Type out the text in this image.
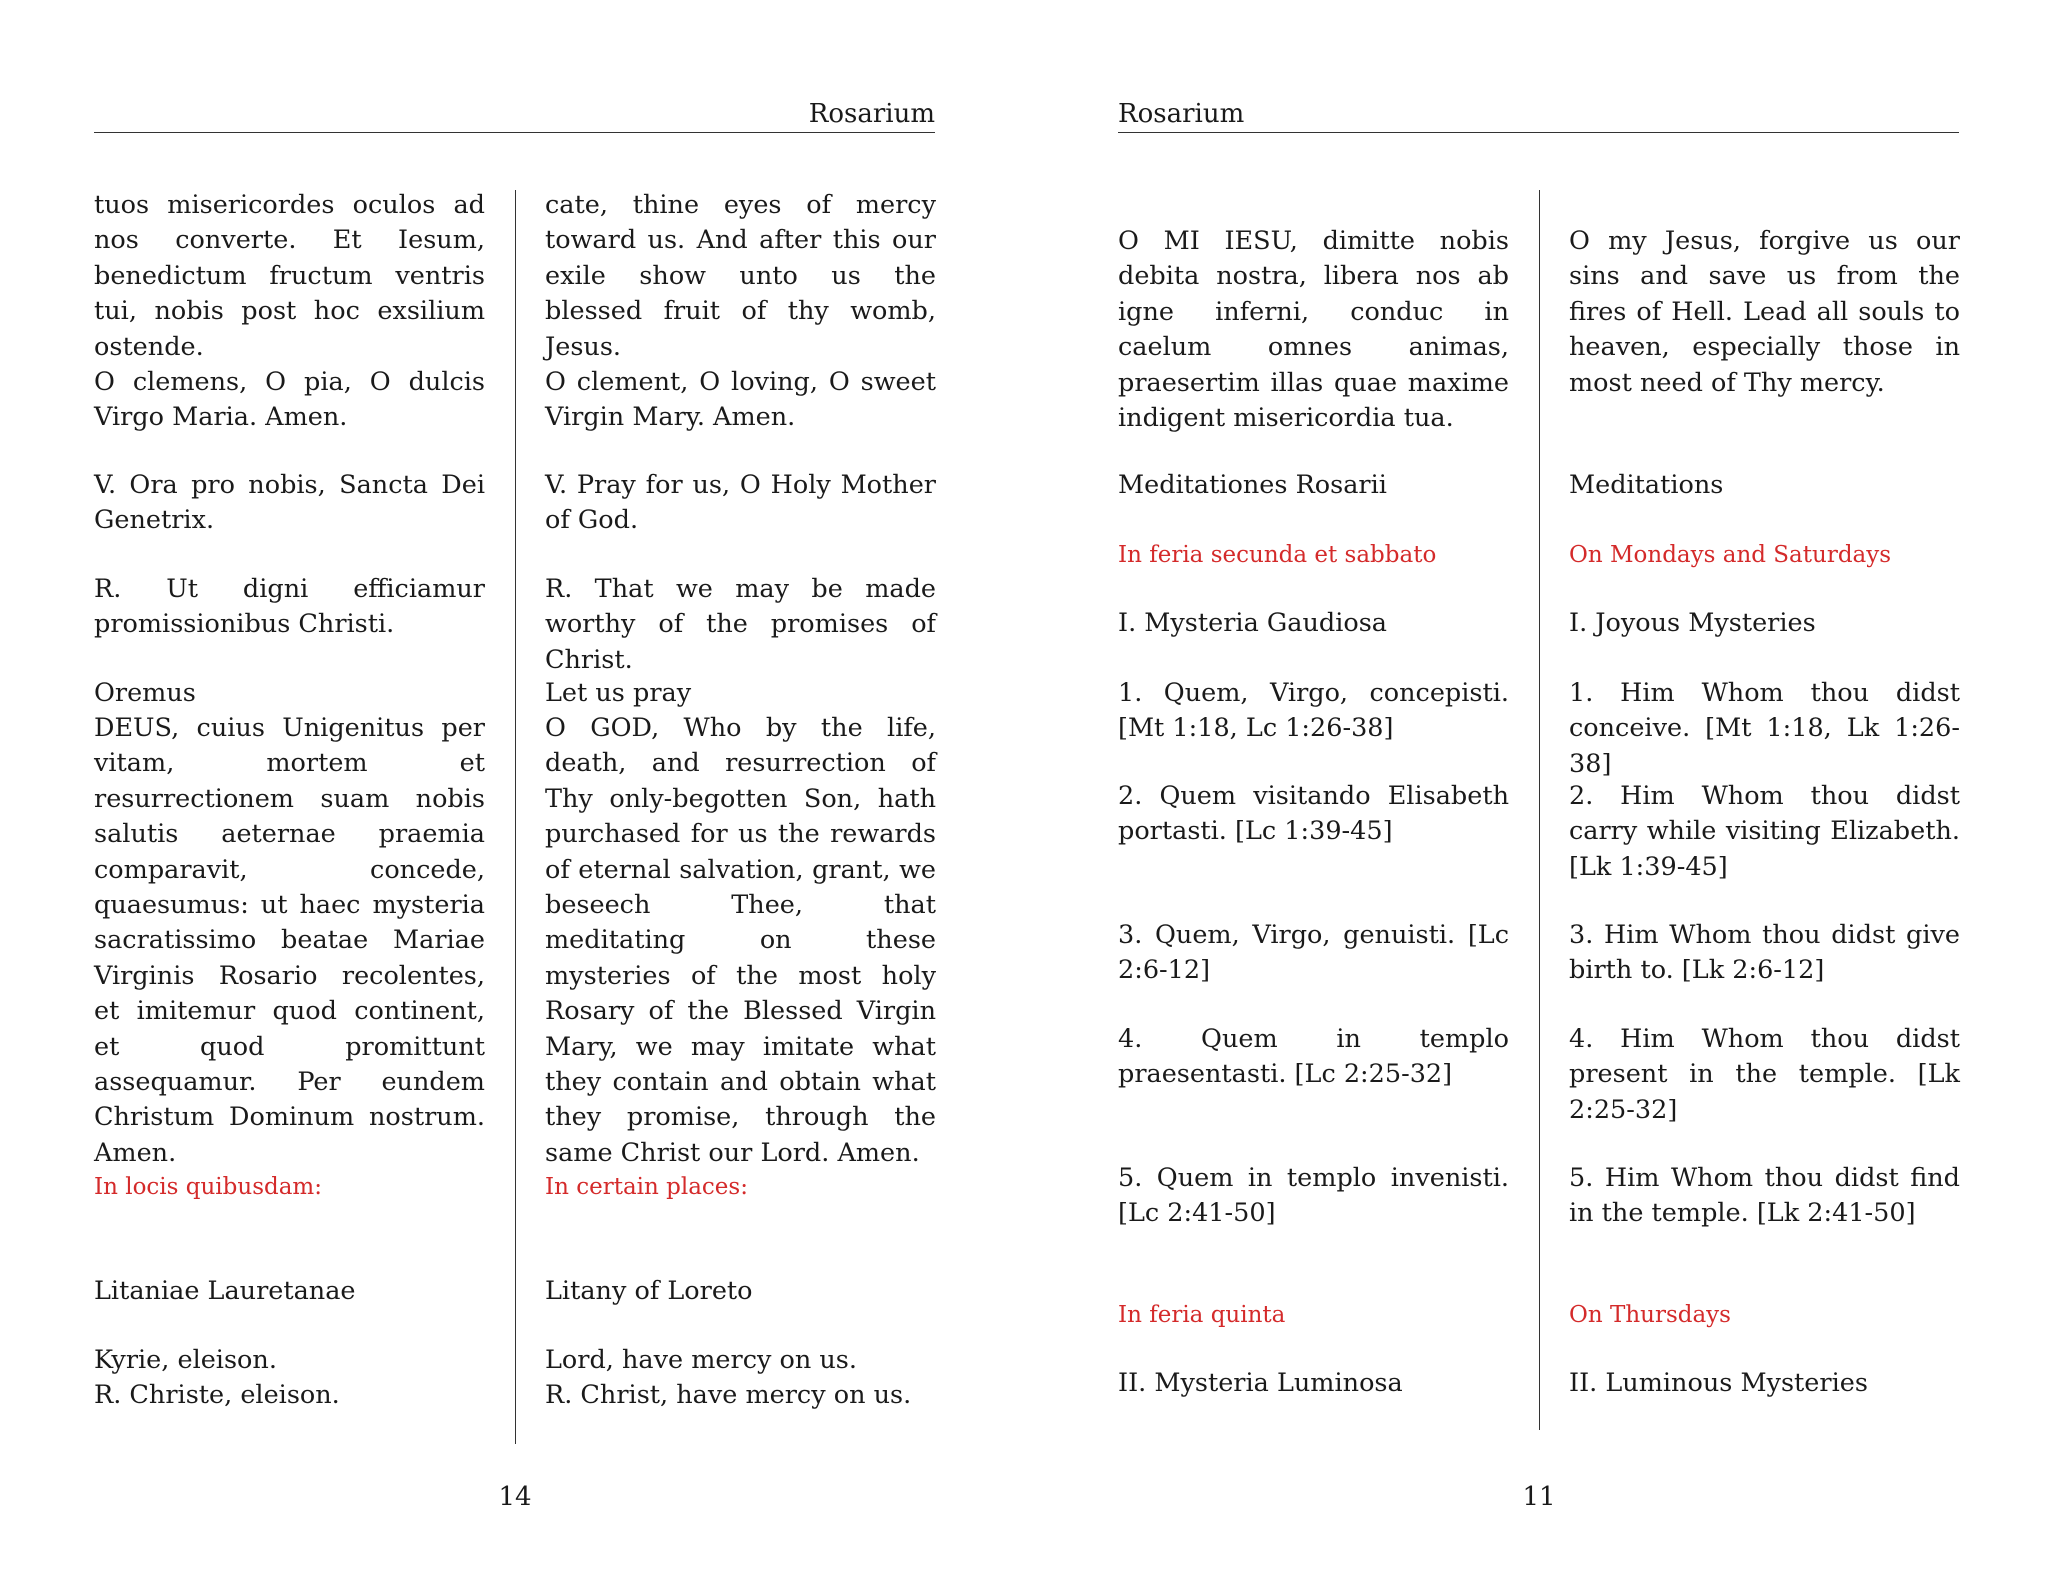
Rosarium

tuos misericordes oculos ad nos converte. Et Iesum, benedictum fructum ventris tui, nobis post hoc exsilium ostende.

O clemens, O pia, O dulcis Virgo Maria. Amen.

V. Ora pro nobis, Sancta Dei Genetrix.

R. Ut digni efficiamur promissionibus Christi.

Oremus

DEUS, cuius Unigenitus per vitam, mortem et resurrectionem suam nobis salutis aeternae praemia comparavit, concede, quaesumus: ut haec mysteria sacratissimo beatae Mariae Virginis Rosario recolentes, et imitemur quod continent, et quod promittunt assequamur. Per eundem Christum Dominum nostrum. Amen.

In locis quibusdam:

Litaniae Lauretanae

Kyrie, eleison.

R. Christe, eleison.

cate, thine eyes of mercy toward us. And after this our exile show unto us the blessed fruit of thy womb, Jesus.

O clement, O loving, O sweet Virgin Mary. Amen.

V. Pray for us, O Holy Mother of God.

R. That we may be made worthy of the promises of Christ.

Let us pray

O GOD, Who by the life, death, and resurrection of Thy only-begotten Son, hath purchased for us the rewards of eternal salvation, grant, we beseech Thee, that meditating on these mysteries of the most holy Rosary of the Blessed Virgin Mary, we may imitate what they contain and obtain what they promise, through the same Christ our Lord. Amen.

In certain places:

Litany of Loreto

Lord, have mercy on us.

R. Christ, have mercy on us.

14
Rosarium

O MI IESU, dimitte nobis debita nostra, libera nos ab igne inferni, conduc in caelum omnes animas, praesertim illas quae maxime indigent misericordia tua.

Meditationes Rosarii

In feria secunda et sabbato

I. Mysteria Gaudiosa

1. Quem, Virgo, concepisti. [Mt 1:18, Lc 1:26-38]

2. Quem visitando Elisabeth portasti. [Lc 1:39-45]

3. Quem, Virgo, genuisti. [Lc 2:6-12]

4. Quem in templo praesentasti. [Lc 2:25-32]

5. Quem in templo invenisti. [Lc 2:41-50]

In feria quinta

II. Mysteria Luminosa

O my Jesus, forgive us our sins and save us from the fires of Hell. Lead all souls to heaven, especially those in most need of Thy mercy.

Meditations

On Mondays and Saturdays

I. Joyous Mysteries

1. Him Whom thou didst conceive. [Mt 1:18, Lk 1:26-38]

2. Him Whom thou didst carry while visiting Elizabeth. [Lk 1:39-45]

3. Him Whom thou didst give birth to. [Lk 2:6-12]

4. Him Whom thou didst present in the temple. [Lk 2:25-32]

5. Him Whom thou didst find in the temple. [Lk 2:41-50]

On Thursdays

II. Luminous Mysteries

11
